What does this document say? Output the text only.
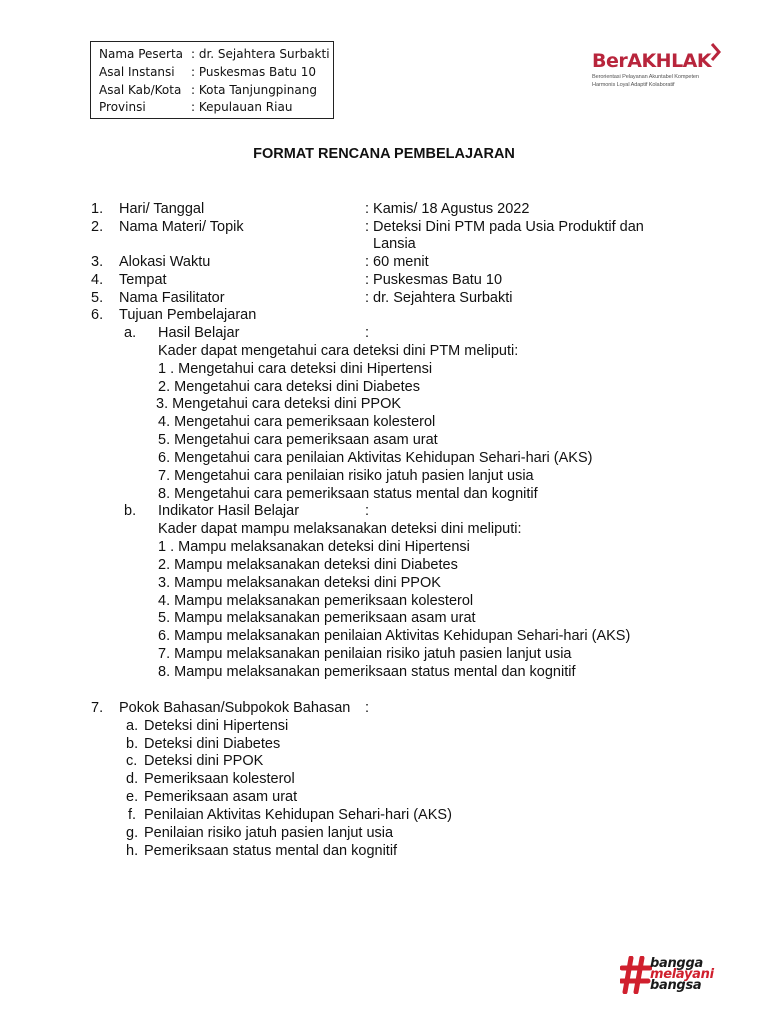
Nama Peserta : dr. Sejahtera Surbakti
Asal Instansi : Puskesmas Batu 10
Asal Kab/Kota : Kota Tanjungpinang
Provinsi	: Kepulauan Riau
BerAKHLAK
Berorientasi Pelayanan Akuntabel Kompeten
Harmonis Loyal Adaptif Kolaboratif
FORMAT RENCANA PEMBELAJARAN
1. Hari/ Tanggal	: Kamis/ 18 Agustus 2022
2. Nama Materi/ Topik	: Deteksi Dini PTM pada Usia Produktif dan
Lansia
3. Alokasi Waktu	: 60 menit
4. Tempat	: Puskesmas Batu 10
5. Nama Fasilitator	: dr. Sejahtera Surbakti
6. Tujuan Pembelajaran
a. Hasil Belajar	:
Kader dapat mengetahui cara deteksi dini PTM meliputi:
1 . Mengetahui cara deteksi dini Hipertensi
2. Mengetahui cara deteksi dini Diabetes
3. Mengetahui cara deteksi dini PPOK
4. Mengetahui cara pemeriksaan kolesterol
5. Mengetahui cara pemeriksaan asam urat
6. Mengetahui cara penilaian Aktivitas Kehidupan Sehari-hari (AKS)
7. Mengetahui cara penilaian risiko jatuh pasien lanjut usia
8. Mengetahui cara pemeriksaan status mental dan kognitif
b. Indikator Hasil Belajar	:
Kader dapat mampu melaksanakan deteksi dini meliputi:
1 . Mampu melaksanakan deteksi dini Hipertensi
2. Mampu melaksanakan deteksi dini Diabetes
3. Mampu melaksanakan deteksi dini PPOK
4. Mampu melaksanakan pemeriksaan kolesterol
5. Mampu melaksanakan pemeriksaan asam urat
6. Mampu melaksanakan penilaian Aktivitas Kehidupan Sehari-hari (AKS)
7. Mampu melaksanakan penilaian risiko jatuh pasien lanjut usia
8. Mampu melaksanakan pemeriksaan status mental dan kognitif
7. Pokok Bahasan/Subpokok Bahasan :
a. Deteksi dini Hipertensi
b. Deteksi dini Diabetes
c. Deteksi dini PPOK
d. Pemeriksaan kolesterol
e. Pemeriksaan asam urat
f. Penilaian Aktivitas Kehidupan Sehari-hari (AKS)
g. Penilaian risiko jatuh pasien lanjut usia
h. Pemeriksaan status mental dan kognitif
bangga
melayani
bangsa
